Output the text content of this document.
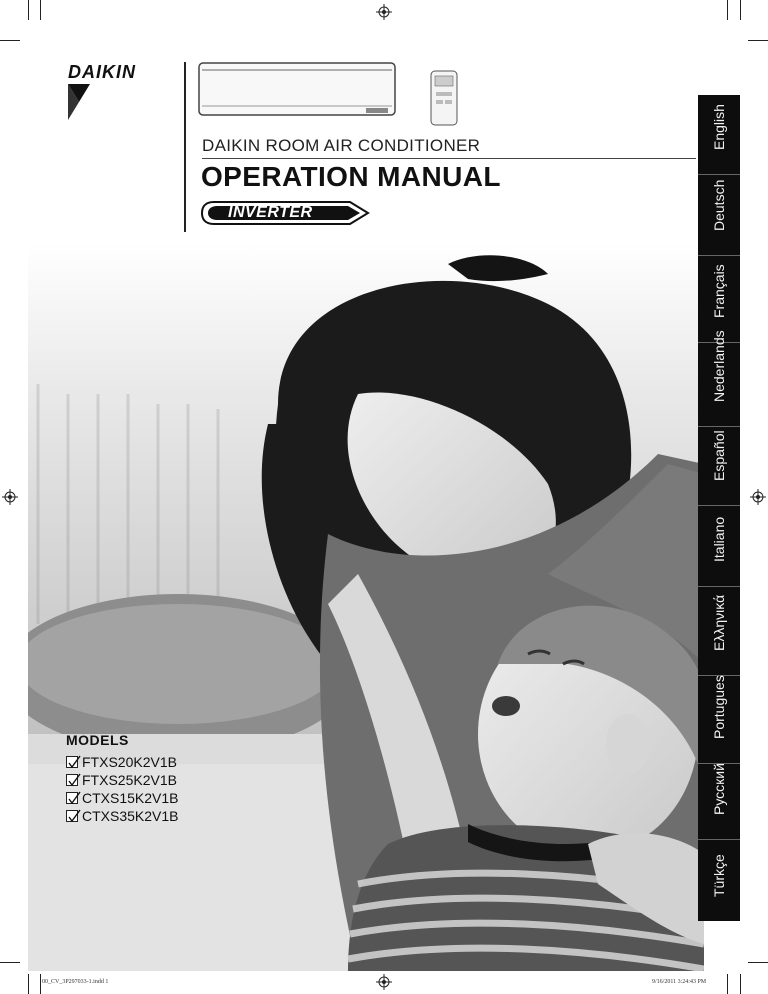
DAIKIN
DAIKIN ROOM AIR CONDITIONER
OPERATION MANUAL
INVERTER
English
Deutsch
Français
Nederlands
Español
Italiano
Ελληνικά
Portugues
Русский
Türkçe
MODELS
FTXS20K2V1B
FTXS25K2V1B
CTXS15K2V1B
CTXS35K2V1B
00_CV_3P297033-1.indd 1	9/16/2011 3:24:43 PM
